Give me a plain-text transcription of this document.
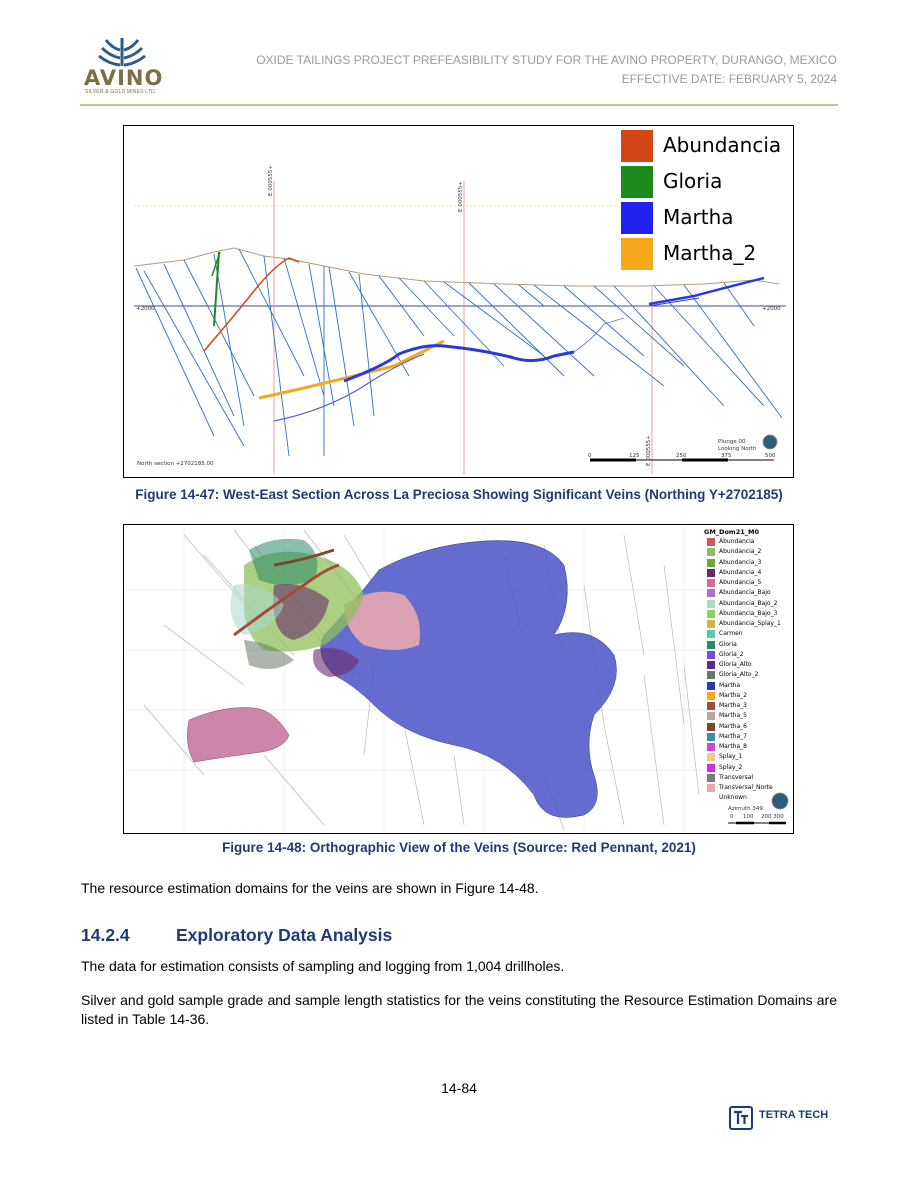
AVINO
SILVER & GOLD MINES LTD.
OXIDE TAILINGS PROJECT PREFEASIBILITY STUDY FOR THE AVINO PROPERTY, DURANGO, MEXICO
EFFECTIVE DATE: FEBRUARY 5, 2024
+2000	+2000
North section +2702185.00
Plunge 00
Looking North
0	125	250	375	500
E 000555+
E 000555+
E 000555+
Abundancia
Gloria
Martha
Martha_2
Figure 14-47: West-East Section Across La Preciosa Showing Significant Veins (Northing Y+2702185)
GM_Dom21_M0
Abundancia
Abundancia_2
Abundancia_3
Abundancia_4
Abundancia_5
Abundancia_Bajo
Abundancia_Bajo_2
Abundancia_Bajo_3
Abundancia_Splay_1
Carmen
Gloria
Gloria_2
Gloria_Alto
Gloria_Alto_2
Martha
Martha_2
Martha_3
Martha_5
Martha_6
Martha_7
Martha_8
Splay_1
Splay_2
Transversal
Transversal_Norte
Unknown
Azimuth 349
0 100 200 300
Figure 14-48: Orthographic View of the Veins (Source: Red Pennant, 2021)
The resource estimation domains for the veins are shown in Figure 14-48.
14.2.4	Exploratory Data Analysis
The data for estimation consists of sampling and logging from 1,004 drillholes.
Silver and gold sample grade and sample length statistics for the veins constituting the Resource Estimation Domains are listed in Table 14-36.
14-84
TETRA TECH
